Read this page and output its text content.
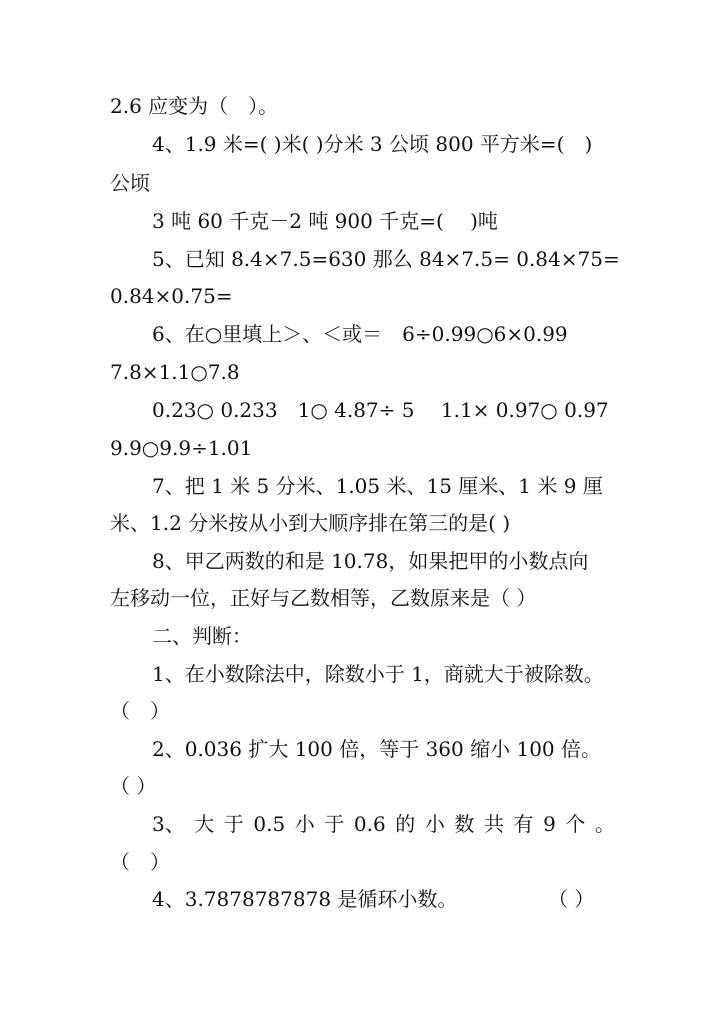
2.6 应变为（　）。
4、1.9 米=( )米( )分米 3 公顷 800 平方米=(　)
公顷
3 吨 60 千克－2 吨 900 千克=(　 )吨
5、已知 8.4×7.5=630 那么 84×7.5= 0.84×75=
0.84×0.75=
6、在○里填上＞、＜或＝　6÷0.99○6×0.99
7.8×1.1○7.8
0.23○ 0.233　1○ 4.87÷ 5　 1.1× 0.97○ 0.97
9.9○9.9÷1.01
7、把 1 米 5 分米、1.05 米、15 厘米、1 米 9 厘
米、1.2 分米按从小到大顺序排在第三的是( )
8、甲乙两数的和是 10.78，如果把甲的小数点向
左移动一位，正好与乙数相等，乙数原来是（ ）
二、判断：
1、在小数除法中，除数小于 1，商就大于被除数。
（　）
2、0.036 扩大 100 倍，等于 360 缩小 100 倍。
（ ）
3、 大 于 0.5 小 于 0.6 的 小 数 共 有 9 个 。
（　）
4、3.7878787878 是循环小数。	（ ）
